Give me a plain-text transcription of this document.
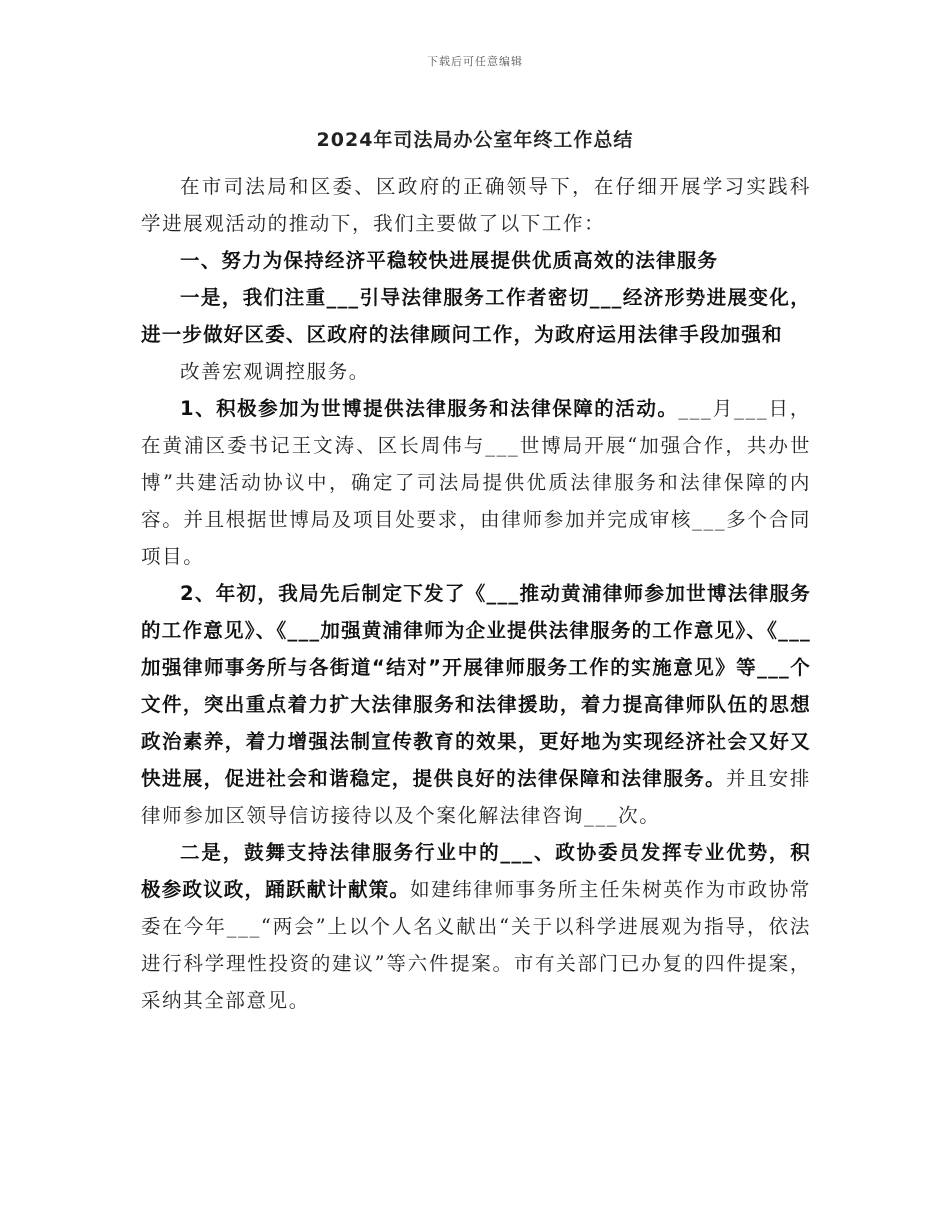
下载后可任意编辑
2024年司法局办公室年终工作总结

在市司法局和区委、区政府的正确领导下，在仔细开展学习实践科学进展观活动的推动下，我们主要做了以下工作：

一、努力为保持经济平稳较快进展提供优质高效的法律服务

一是，我们注重___引导法律服务工作者密切___经济形势进展变化，进一步做好区委、区政府的法律顾问工作，为政府运用法律手段加强和

改善宏观调控服务。

1、积极参加为世博提供法律服务和法律保障的活动。___月___日，在黄浦区委书记王文涛、区长周伟与___世博局开展“加强合作，共办世博”共建活动协议中，确定了司法局提供优质法律服务和法律保障的内容。并且根据世博局及项目处要求，由律师参加并完成审核___多个合同项目。

2、年初，我局先后制定下发了《___推动黄浦律师参加世博法律服务的工作意见》、《___加强黄浦律师为企业提供法律服务的工作意见》、《___加强律师事务所与各街道“结对”开展律师服务工作的实施意见》等___个文件，突出重点着力扩大法律服务和法律援助，着力提高律师队伍的思想政治素养，着力增强法制宣传教育的效果，更好地为实现经济社会又好又快进展，促进社会和谐稳定，提供良好的法律保障和法律服务。并且安排律师参加区领导信访接待以及个案化解法律咨询___次。

二是，鼓舞支持法律服务行业中的___、政协委员发挥专业优势，积极参政议政，踊跃献计献策。如建纬律师事务所主任朱树英作为市政协常委在今年___“两会”上以个人名义献出“关于以科学进展观为指导，依法进行科学理性投资的建议”等六件提案。市有关部门已办复的四件提案，采纳其全部意见。
